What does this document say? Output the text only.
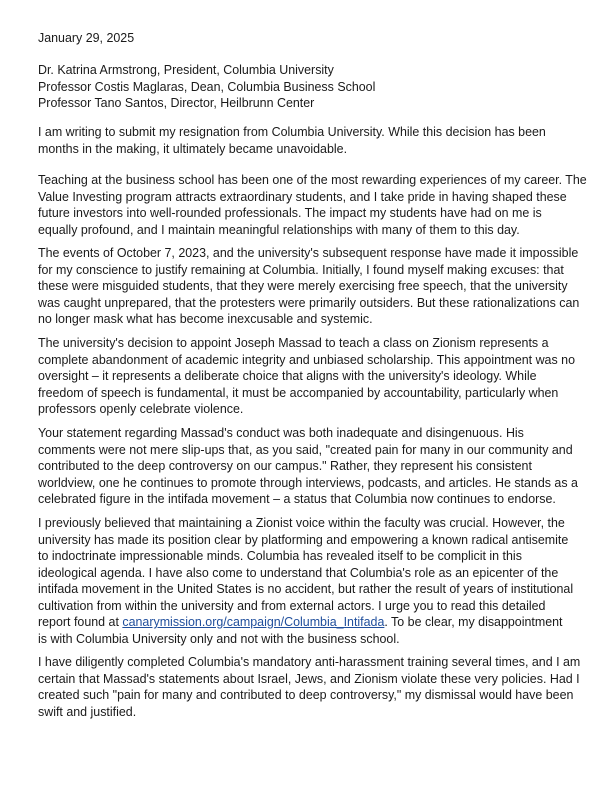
January 29, 2025
Dr. Katrina Armstrong, President, Columbia University
Professor Costis Maglaras, Dean, Columbia Business School
Professor Tano Santos, Director, Heilbrunn Center
I am writing to submit my resignation from Columbia University. While this decision has been
months in the making, it ultimately became unavoidable.
Teaching at the business school has been one of the most rewarding experiences of my career. The
Value Investing program attracts extraordinary students, and I take pride in having shaped these
future investors into well-rounded professionals. The impact my students have had on me is
equally profound, and I maintain meaningful relationships with many of them to this day.
The events of October 7, 2023, and the university's subsequent response have made it impossible
for my conscience to justify remaining at Columbia. Initially, I found myself making excuses: that
these were misguided students, that they were merely exercising free speech, that the university
was caught unprepared, that the protesters were primarily outsiders. But these rationalizations can
no longer mask what has become inexcusable and systemic.
The university's decision to appoint Joseph Massad to teach a class on Zionism represents a
complete abandonment of academic integrity and unbiased scholarship. This appointment was no
oversight – it represents a deliberate choice that aligns with the university's ideology. While
freedom of speech is fundamental, it must be accompanied by accountability, particularly when
professors openly celebrate violence.
Your statement regarding Massad's conduct was both inadequate and disingenuous. His
comments were not mere slip-ups that, as you said, "created pain for many in our community and
contributed to the deep controversy on our campus." Rather, they represent his consistent
worldview, one he continues to promote through interviews, podcasts, and articles. He stands as a
celebrated figure in the intifada movement – a status that Columbia now continues to endorse.
I previously believed that maintaining a Zionist voice within the faculty was crucial. However, the
university has made its position clear by platforming and empowering a known radical antisemite
to indoctrinate impressionable minds. Columbia has revealed itself to be complicit in this
ideological agenda. I have also come to understand that Columbia's role as an epicenter of the
intifada movement in the United States is no accident, but rather the result of years of institutional
cultivation from within the university and from external actors. I urge you to read this detailed
report found at canarymission.org/campaign/Columbia_Intifada. To be clear, my disappointment
is with Columbia University only and not with the business school.
I have diligently completed Columbia's mandatory anti-harassment training several times, and I am
certain that Massad's statements about Israel, Jews, and Zionism violate these very policies. Had I
created such "pain for many and contributed to deep controversy," my dismissal would have been
swift and justified.
